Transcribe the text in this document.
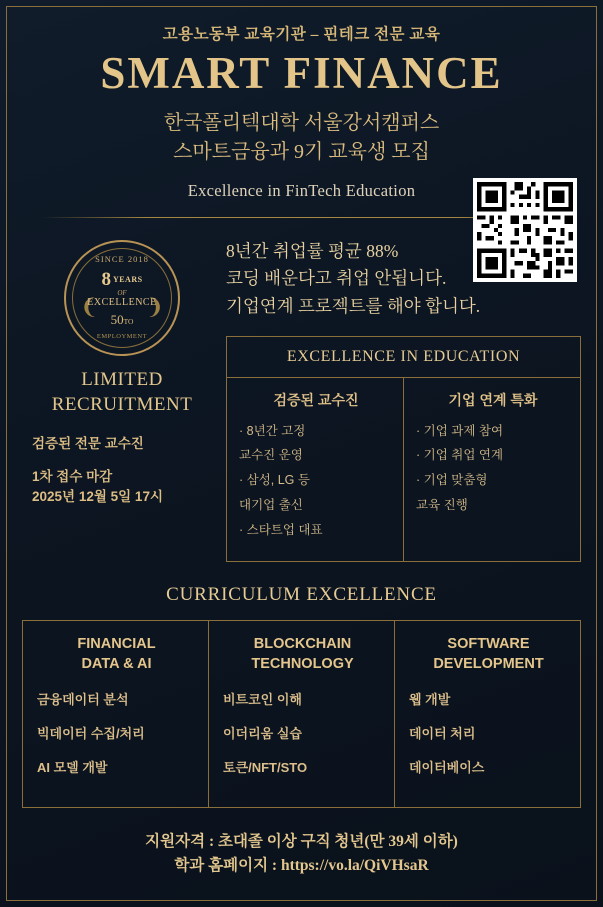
고용노동부 교육기관 – 핀테크 전문 교육
SMART FINANCE
한국폴리텍대학 서울강서캠퍼스
스마트금융과 9기 교육생 모집
Excellence in FinTech Education
❨ ❩
SINCE 2018
8 YEARS
OF
EXCELLENCE
50TO
EMPLOYMENT
LIMITED
RECRUITMENT
검증된 전문 교수진
1차 접수 마감
2025년 12월 5일 17시
8년간 취업률 평균 88%
코딩 배운다고 취업 안됩니다.
기업연계 프로젝트를 해야 합니다.
EXCELLENCE IN EDUCATION
검증된 교수진
· 8년간 고정
교수진 운영
· 삼성, LG 등
대기업 출신
· 스타트업 대표
기업 연계 특화
· 기업 과제 참여
· 기업 취업 연계
· 기업 맞춤형
교육 진행
CURRICULUM EXCELLENCE
FINANCIAL
DATA & AI
금융데이터 분석
빅데이터 수집/처리
AI 모델 개발
BLOCKCHAIN
TECHNOLOGY
비트코인 이해
이더리움 실습
토큰/NFT/STO
SOFTWARE
DEVELOPMENT
웹 개발
데이터 처리
데이터베이스
지원자격 : 초대졸 이상 구직 청년(만 39세 이하)
학과 홈페이지 : https://vo.la/QiVHsaR
